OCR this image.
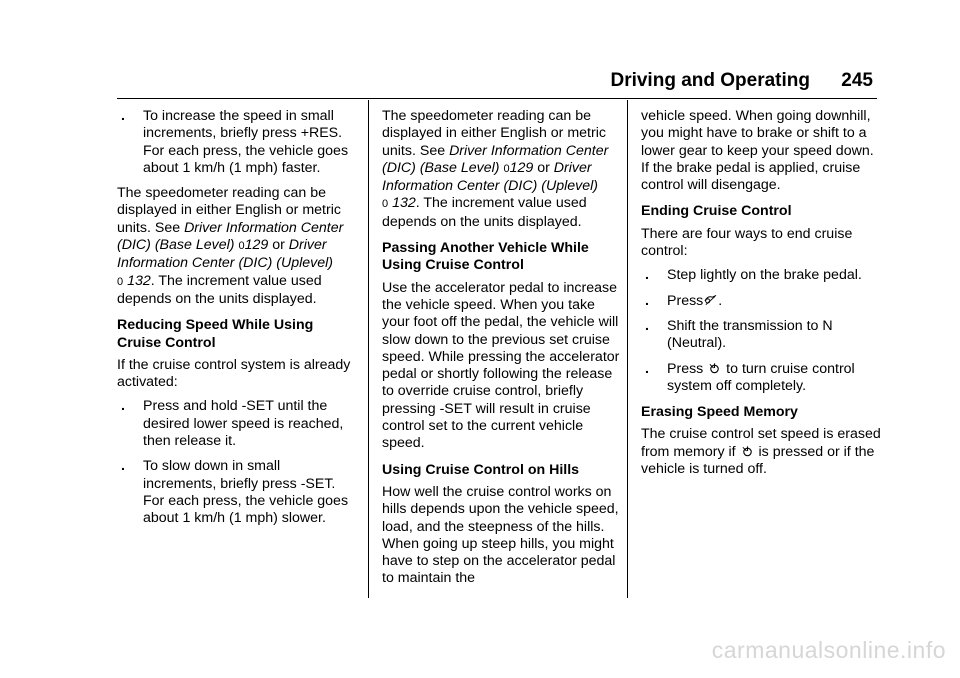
Driving and Operating 245
. To increase the speed in small increments, briefly press +RES. For each press, the vehicle goes about 1 km/h (1 mph) faster.

The speedometer reading can be displayed in either English or metric units. See Driver Information Center (DIC) (Base Level) 0129 or Driver Information Center (DIC) (Uplevel)
0 132. The increment value used depends on the units displayed.

Reducing Speed While Using Cruise Control

If the cruise control system is already activated:

. Press and hold -SET until the desired lower speed is reached, then release it.
. To slow down in small increments, briefly press -SET. For each press, the vehicle goes about 1 km/h (1 mph) slower.

The speedometer reading can be displayed in either English or metric units. See Driver Information Center (DIC) (Base Level) 0129 or Driver Information Center (DIC) (Uplevel)
0 132. The increment value used depends on the units displayed.

Passing Another Vehicle While Using Cruise Control

Use the accelerator pedal to increase the vehicle speed. When you take your foot off the pedal, the vehicle will slow down to the previous set cruise speed. While pressing the accelerator pedal or shortly following the release to override cruise control, briefly pressing -SET will result in cruise control set to the current vehicle speed.

Using Cruise Control on Hills

How well the cruise control works on hills depends upon the vehicle speed, load, and the steepness of the hills. When going up steep hills, you might have to step on the accelerator pedal to maintain the

vehicle speed. When going downhill, you might have to brake or shift to a lower gear to keep your speed down. If the brake pedal is applied, cruise control will disengage.

Ending Cruise Control

There are four ways to end cruise control:

. Step lightly on the brake pedal.
. Press .
. Shift the transmission to N (Neutral).
. Press to turn cruise control system off completely.
Erasing Speed Memory

The cruise control set speed is erased from memory if is pressed or if the vehicle is turned off.

carmanualsonline.info
